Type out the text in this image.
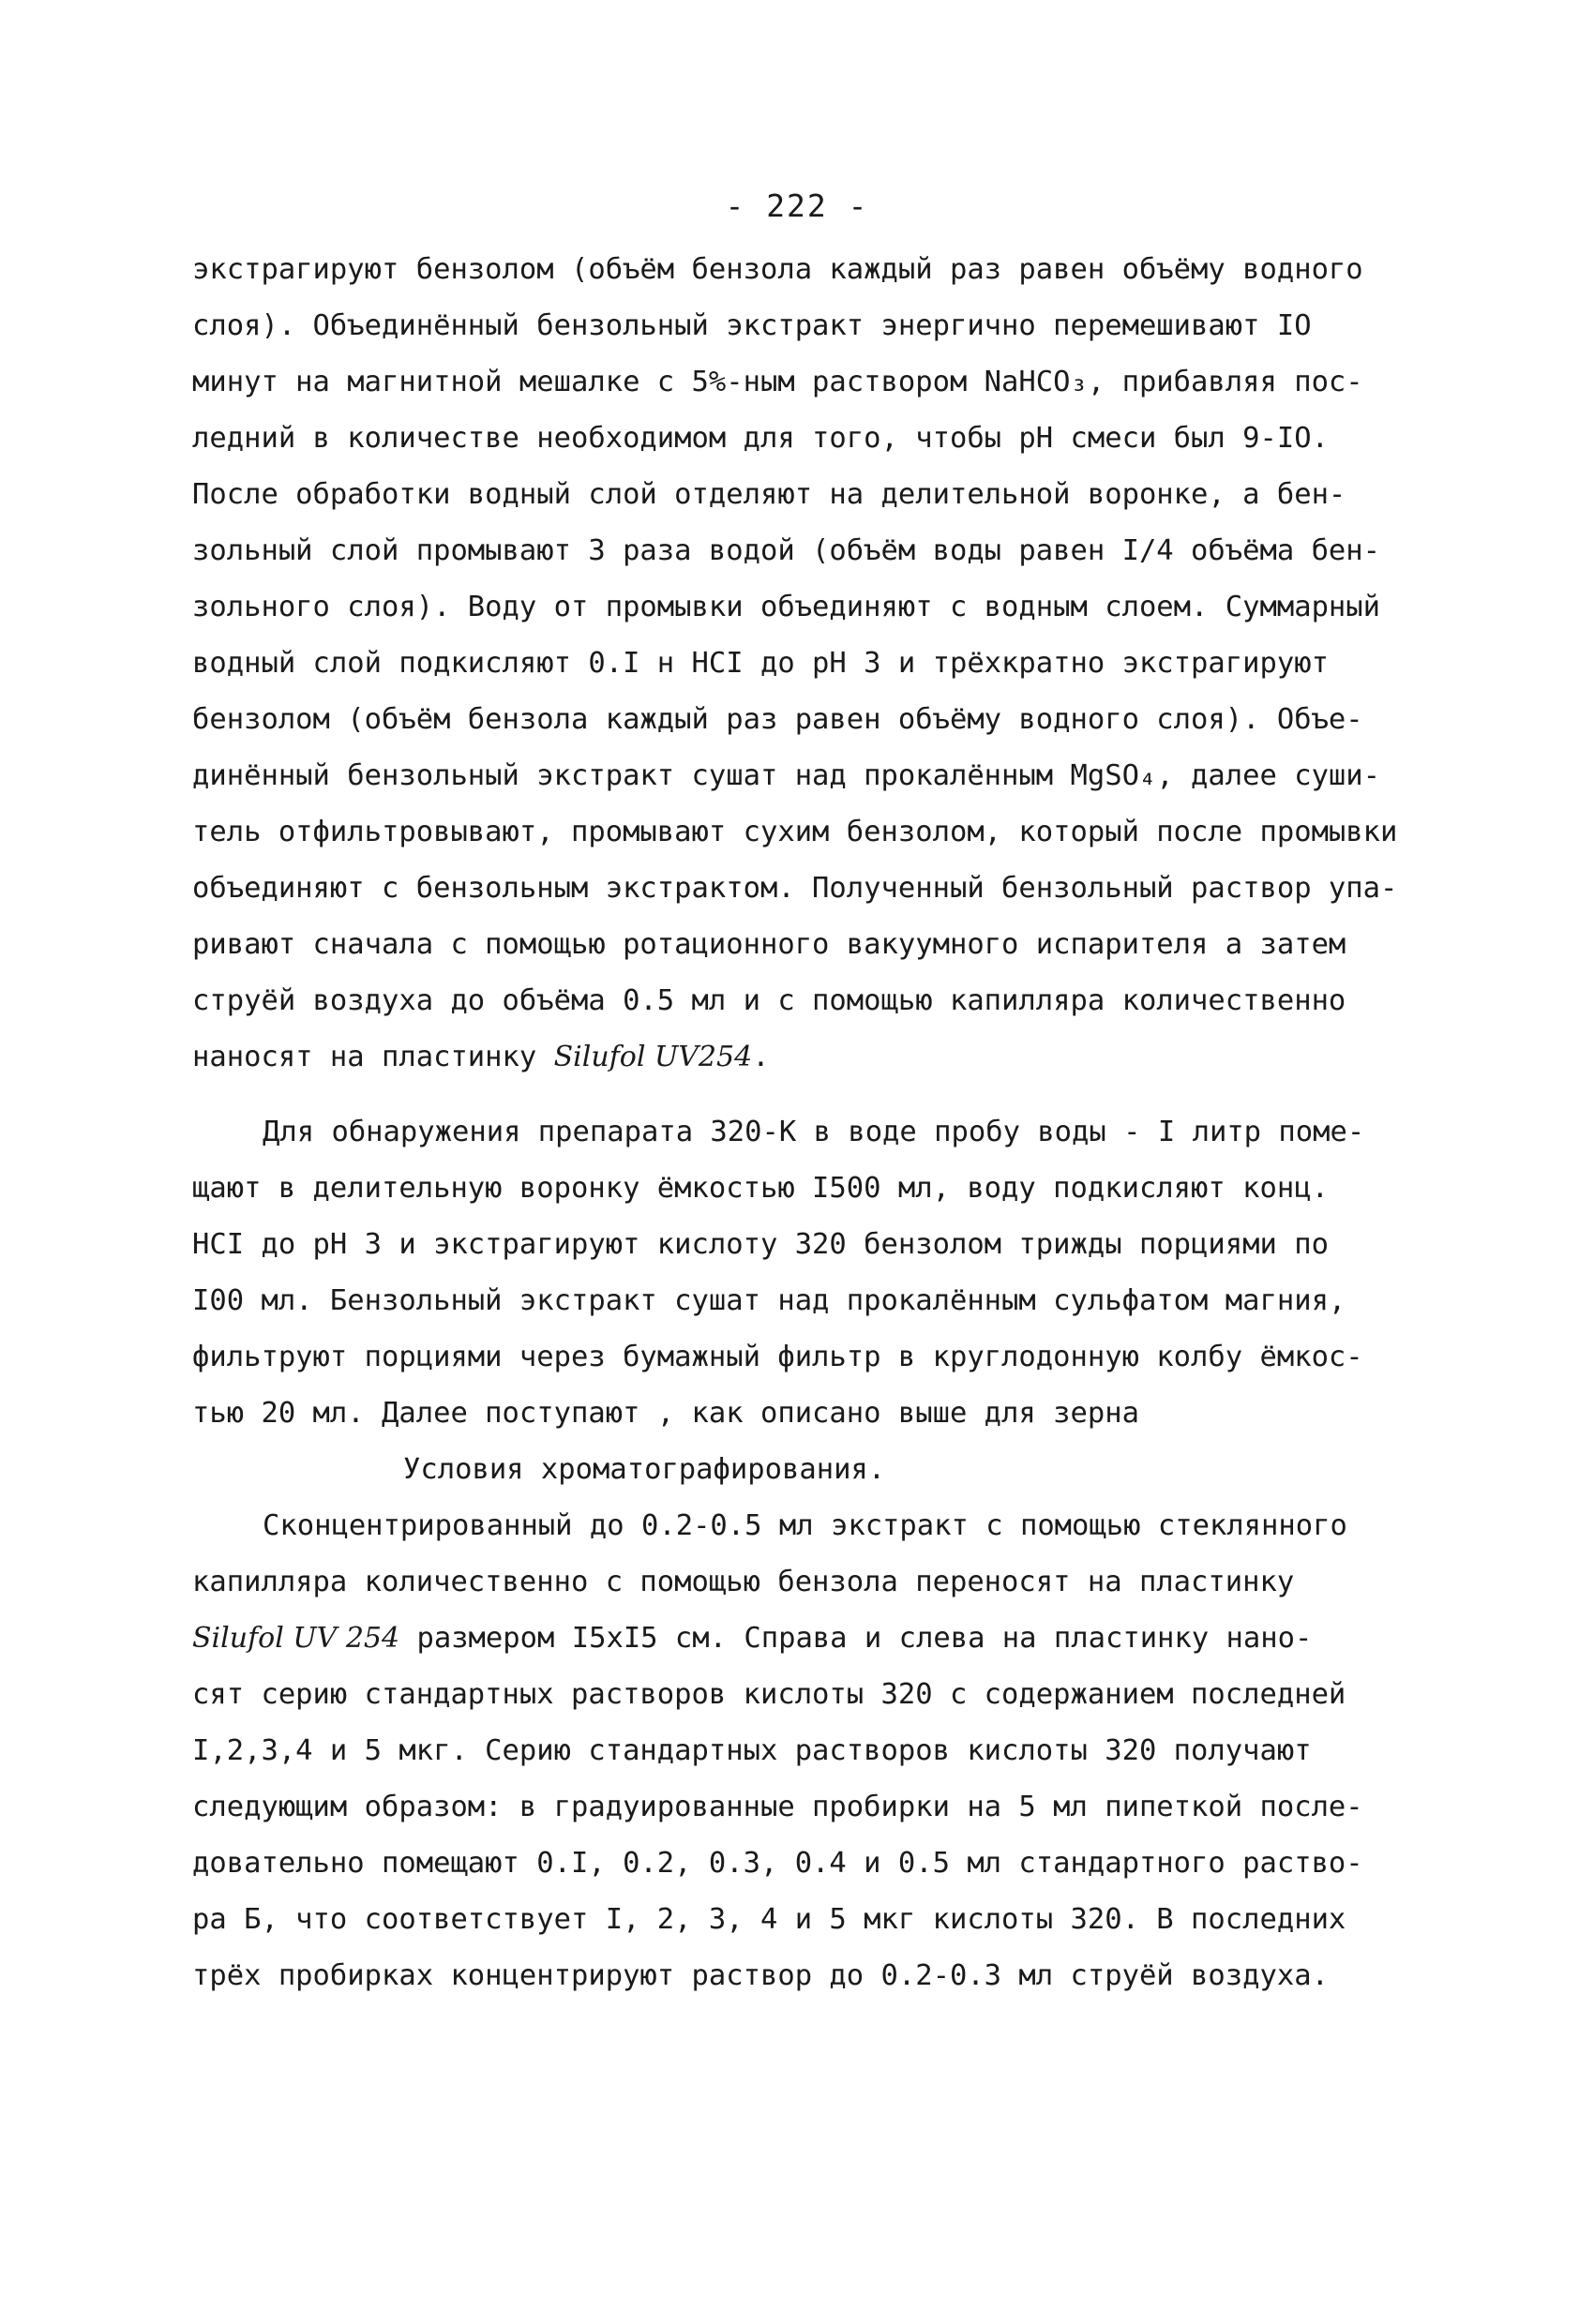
- 222 -
экстрагируют бензолом (объём бензола каждый раз равен объёму водного
слоя). Объединённый бензольный экстракт энергично перемешивают IO
минут на магнитной мешалке с 5%-ным раствором NaHCO₃, прибавляя пос-
ледний в количестве необходимом для того, чтобы pH смеси был 9-IO.
После обработки водный слой отделяют на делительной воронке, а бен-
зольный слой промывают 3 раза водой (объём воды равен I/4 объёма бен-
зольного слоя). Воду от промывки объединяют с водным слоем. Суммарный
водный слой подкисляют 0.I н HCI до pH 3 и трёхкратно экстрагируют
бензолом (объём бензола каждый раз равен объёму водного слоя). Объе-
динённый бензольный экстракт сушат над прокалённым MgSO₄, далее суши-
тель отфильтровывают, промывают сухим бензолом, который после промывки
объединяют с бензольным экстрактом. Полученный бензольный раствор упа-
ривают сначала с помощью ротационного вакуумного испарителя а затем
струёй воздуха до объёма 0.5 мл и с помощью капилляра количественно
наносят на пластинку Silufol UV254.
Для обнаружения препарата 320-К в воде пробу воды - I литр поме-
щают в делительную воронку ёмкостью I500 мл, воду подкисляют конц.
HCI до pH 3 и экстрагируют кислоту 320 бензолом трижды порциями по
I00 мл. Бензольный экстракт сушат над прокалённым сульфатом магния,
фильтруют порциями через бумажный фильтр в круглодонную колбу ёмкос-
тью 20 мл. Далее поступают , как описано выше для зерна
Условия хроматографирования.
Сконцентрированный до 0.2-0.5 мл экстракт с помощью стеклянного
капилляра количественно с помощью бензола переносят на пластинку
Silufol UV 254 размером I5xI5 см. Справа и слева на пластинку нано-
сят серию стандартных растворов кислоты 320 с содержанием последней
I,2,3,4 и 5 мкг. Серию стандартных растворов кислоты 320 получают
следующим образом: в градуированные пробирки на 5 мл пипеткой после-
довательно помещают 0.I, 0.2, 0.3, 0.4 и 0.5 мл стандартного раство-
ра Б, что соответствует I, 2, 3, 4 и 5 мкг кислоты 320. В последних
трёх пробирках концентрируют раствор до 0.2-0.3 мл струёй воздуха.
